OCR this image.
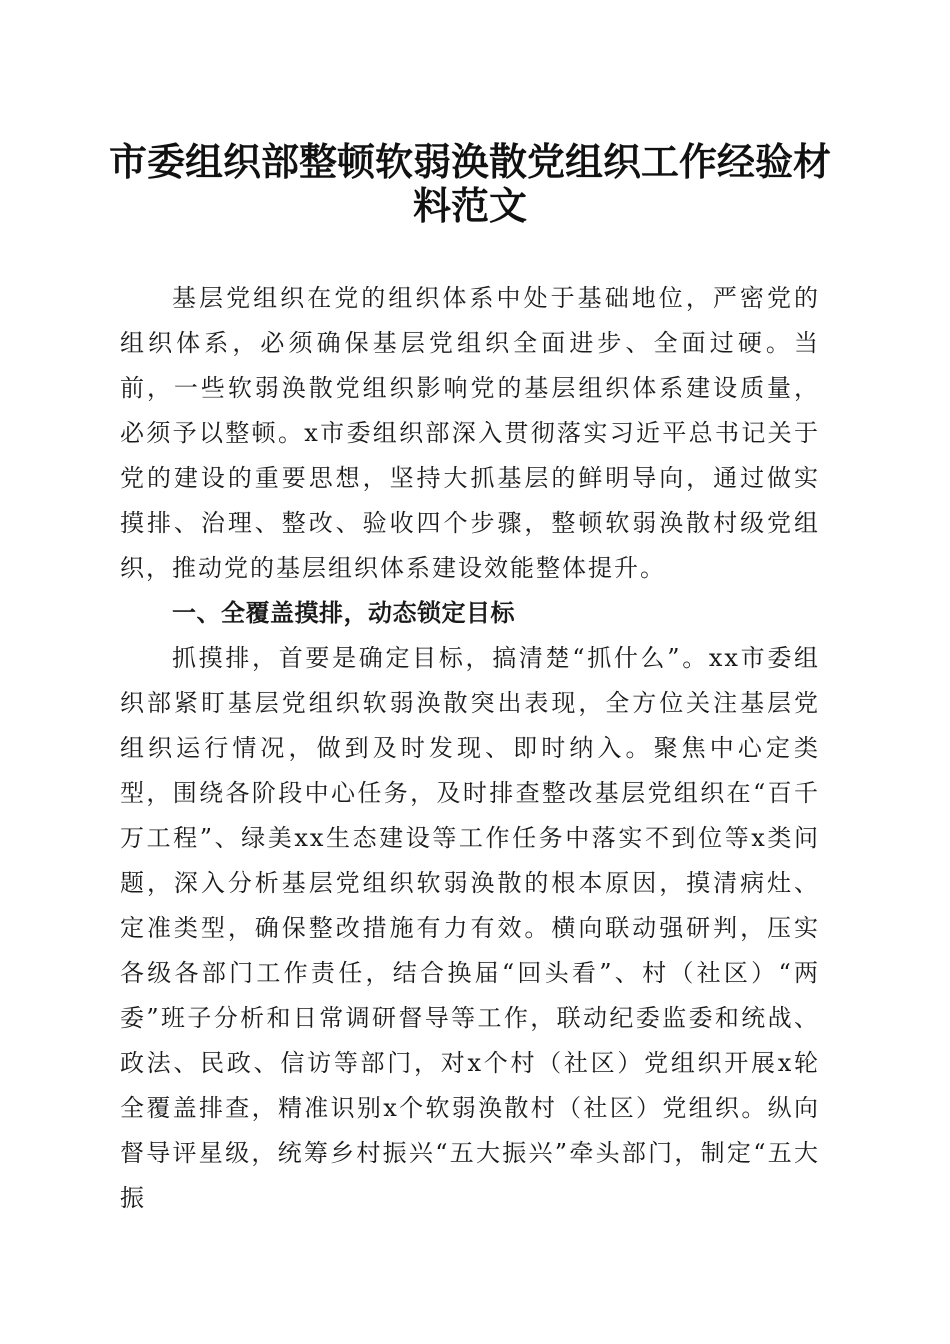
市委组织部整顿软弱涣散党组织工作经验材料范文

基层党组织在党的组织体系中处于基础地位，严密党的组织体系，必须确保基层党组织全面进步、全面过硬。当前，一些软弱涣散党组织影响党的基层组织体系建设质量，必须予以整顿。x市委组织部深入贯彻落实习近平总书记关于党的建设的重要思想，坚持大抓基层的鲜明导向，通过做实摸排、治理、整改、验收四个步骤，整顿软弱涣散村级党组织，推动党的基层组织体系建设效能整体提升。

一、全覆盖摸排，动态锁定目标

抓摸排，首要是确定目标，搞清楚“抓什么”。xx市委组织部紧盯基层党组织软弱涣散突出表现，全方位关注基层党组织运行情况，做到及时发现、即时纳入。聚焦中心定类型，围绕各阶段中心任务，及时排查整改基层党组织在“百千万工程”、绿美xx生态建设等工作任务中落实不到位等x类问题，深入分析基层党组织软弱涣散的根本原因，摸清病灶、定准类型，确保整改措施有力有效。横向联动强研判，压实各级各部门工作责任，结合换届“回头看”、村（社区）“两委”班子分析和日常调研督导等工作，联动纪委监委和统战、政法、民政、信访等部门，对x个村（社区）党组织开展x轮全覆盖排查，精准识别x个软弱涣散村（社区）党组织。纵向督导评星级，统筹乡村振兴“五大振兴”牵头部门，制定“五大振
